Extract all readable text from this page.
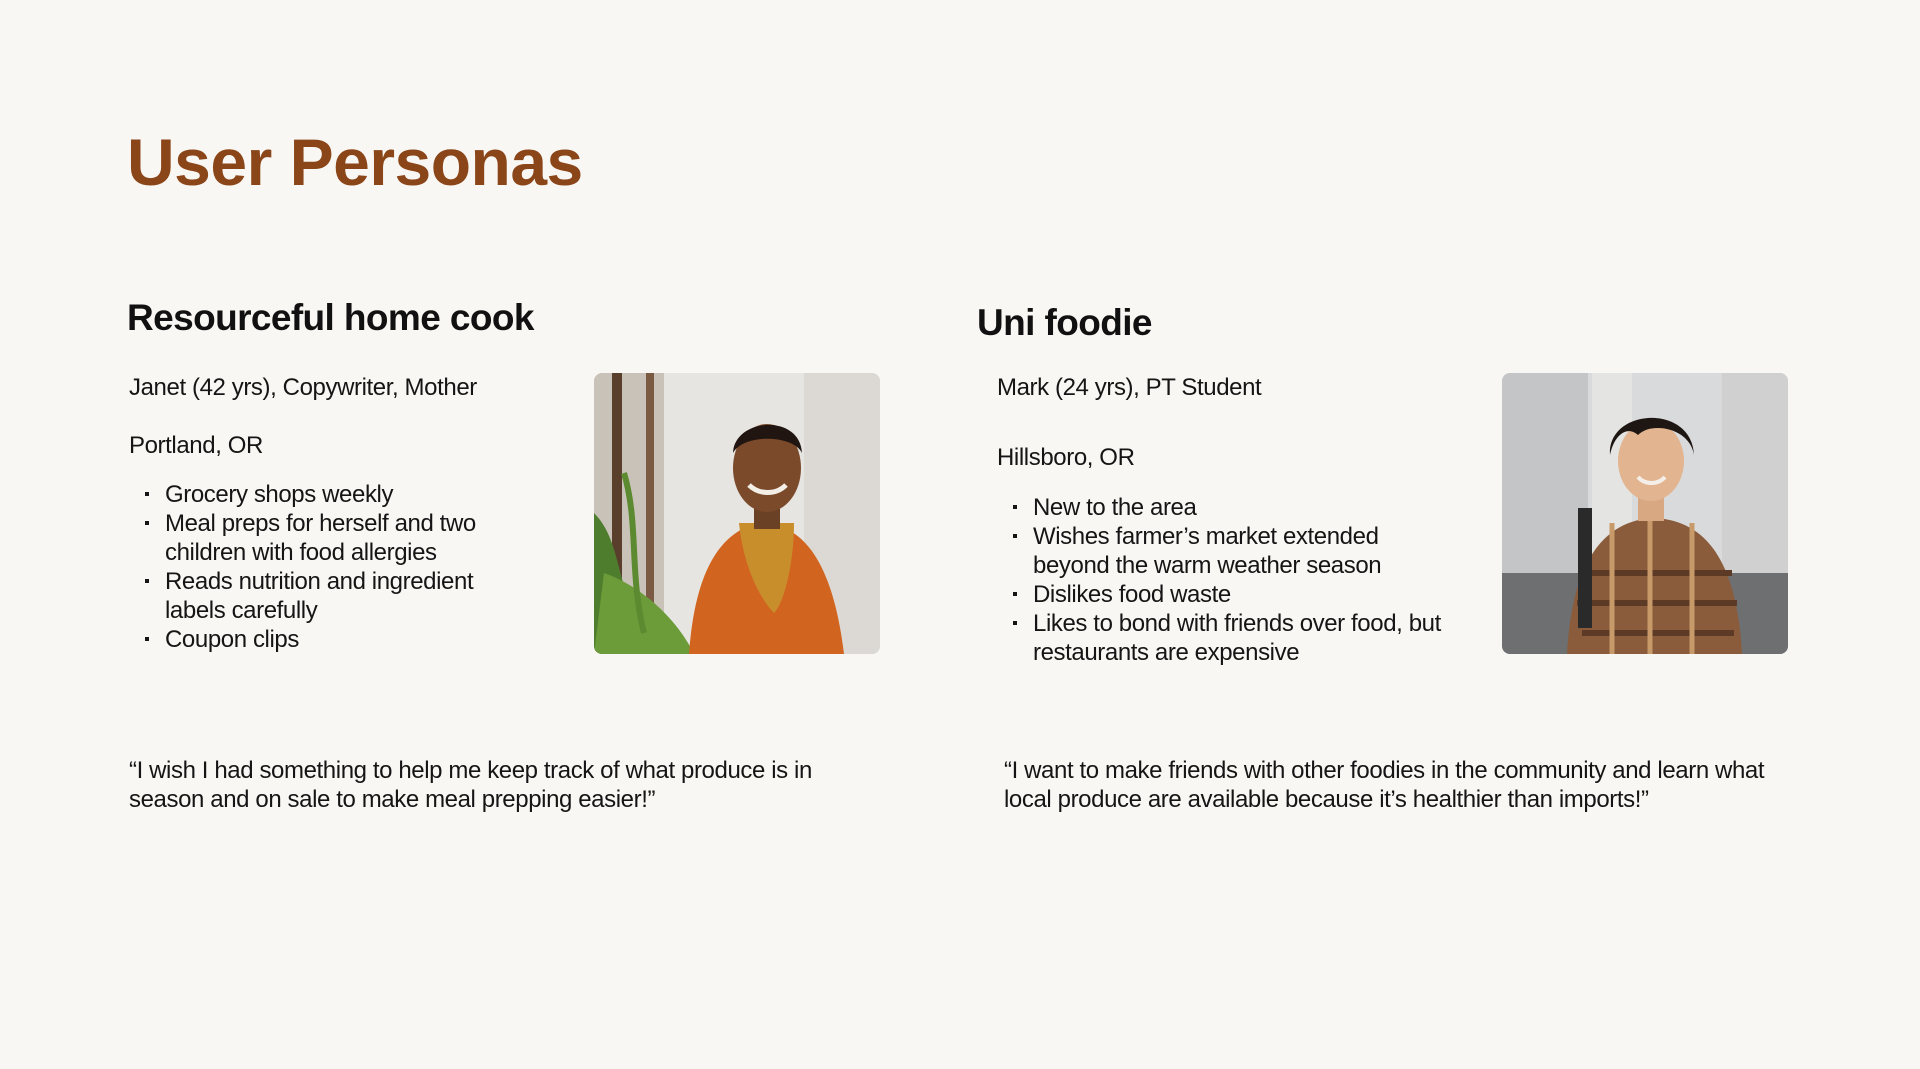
User Personas
Resourceful home cook

Janet (42 yrs), Copywriter, Mother

Portland, OR

Grocery shops weekly
Meal preps for herself and two children with food allergies
Reads nutrition and ingredient labels carefully
Coupon clips

“I wish I had something to help me keep track of what produce is in season and on sale to make meal prepping easier!”

Uni foodie

Mark (24 yrs), PT Student

Hillsboro, OR

New to the area
Wishes farmer’s market extended beyond the warm weather season
Dislikes food waste
Likes to bond with friends over food, but restaurants are expensive

“I want to make friends with other foodies in the community and learn what local produce are available because it’s healthier than imports!”
